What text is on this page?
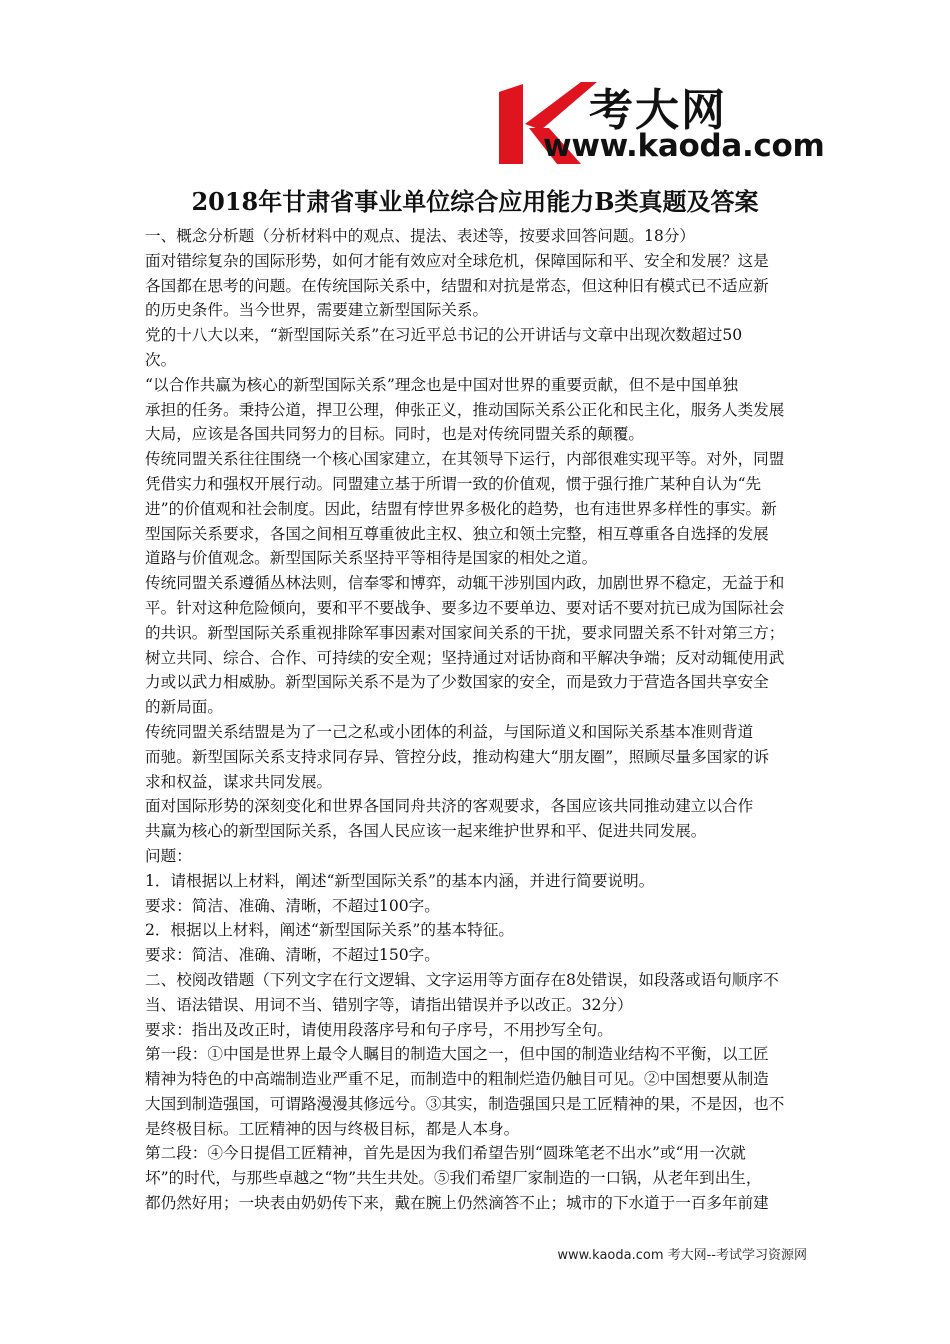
考大网
www.kaoda.com
2018年甘肃省事业单位综合应用能力B类真题及答案
一、概念分析题（分析材料中的观点、提法、表述等，按要求回答问题。18分）
面对错综复杂的国际形势，如何才能有效应对全球危机，保障国际和平、安全和发展？这是
各国都在思考的问题。在传统国际关系中，结盟和对抗是常态，但这种旧有模式已不适应新
的历史条件。当今世界，需要建立新型国际关系。
党的十八大以来，“新型国际关系”在习近平总书记的公开讲话与文章中出现次数超过50
次。
“以合作共赢为核心的新型国际关系”理念也是中国对世界的重要贡献，但不是中国单独
承担的任务。秉持公道，捍卫公理，伸张正义，推动国际关系公正化和民主化，服务人类发展
大局，应该是各国共同努力的目标。同时，也是对传统同盟关系的颠覆。
传统同盟关系往往围绕一个核心国家建立，在其领导下运行，内部很难实现平等。对外，同盟
凭借实力和强权开展行动。同盟建立基于所谓一致的价值观，惯于强行推广某种自认为“先
进”的价值观和社会制度。因此，结盟有悖世界多极化的趋势，也有违世界多样性的事实。新
型国际关系要求，各国之间相互尊重彼此主权、独立和领土完整，相互尊重各自选择的发展
道路与价值观念。新型国际关系坚持平等相待是国家的相处之道。
传统同盟关系遵循丛林法则，信奉零和博弈，动辄干涉别国内政，加剧世界不稳定，无益于和
平。针对这种危险倾向，要和平不要战争、要多边不要单边、要对话不要对抗已成为国际社会
的共识。新型国际关系重视排除军事因素对国家间关系的干扰，要求同盟关系不针对第三方；
树立共同、综合、合作、可持续的安全观；坚持通过对话协商和平解决争端；反对动辄使用武
力或以武力相威胁。新型国际关系不是为了少数国家的安全，而是致力于营造各国共享安全
的新局面。
传统同盟关系结盟是为了一己之私或小团体的利益，与国际道义和国际关系基本准则背道
而驰。新型国际关系支持求同存异、管控分歧，推动构建大“朋友圈”，照顾尽量多国家的诉
求和权益，谋求共同发展。
面对国际形势的深刻变化和世界各国同舟共济的客观要求，各国应该共同推动建立以合作
共赢为核心的新型国际关系，各国人民应该一起来维护世界和平、促进共同发展。
问题：
1．请根据以上材料，阐述“新型国际关系”的基本内涵，并进行简要说明。
要求：简洁、准确、清晰，不超过100字。
2．根据以上材料，阐述“新型国际关系”的基本特征。
要求：简洁、准确、清晰，不超过150字。
二、校阅改错题（下列文字在行文逻辑、文字运用等方面存在8处错误，如段落或语句顺序不
当、语法错误、用词不当、错别字等，请指出错误并予以改正。32分）
要求：指出及改正时，请使用段落序号和句子序号，不用抄写全句。
第一段：①中国是世界上最令人瞩目的制造大国之一，但中国的制造业结构不平衡，以工匠
精神为特色的中高端制造业严重不足，而制造中的粗制烂造仍触目可见。②中国想要从制造
大国到制造强国，可谓路漫漫其修远兮。③其实，制造强国只是工匠精神的果，不是因，也不
是终极目标。工匠精神的因与终极目标，都是人本身。
第二段：④今日提倡工匠精神，首先是因为我们希望告别“圆珠笔老不出水”或“用一次就
坏”的时代，与那些卓越之“物”共生共处。⑤我们希望厂家制造的一口锅，从老年到出生，
都仍然好用；一块表由奶奶传下来，戴在腕上仍然滴答不止；城市的下水道于一百多年前建
www.kaoda.com 考大网--考试学习资源网
